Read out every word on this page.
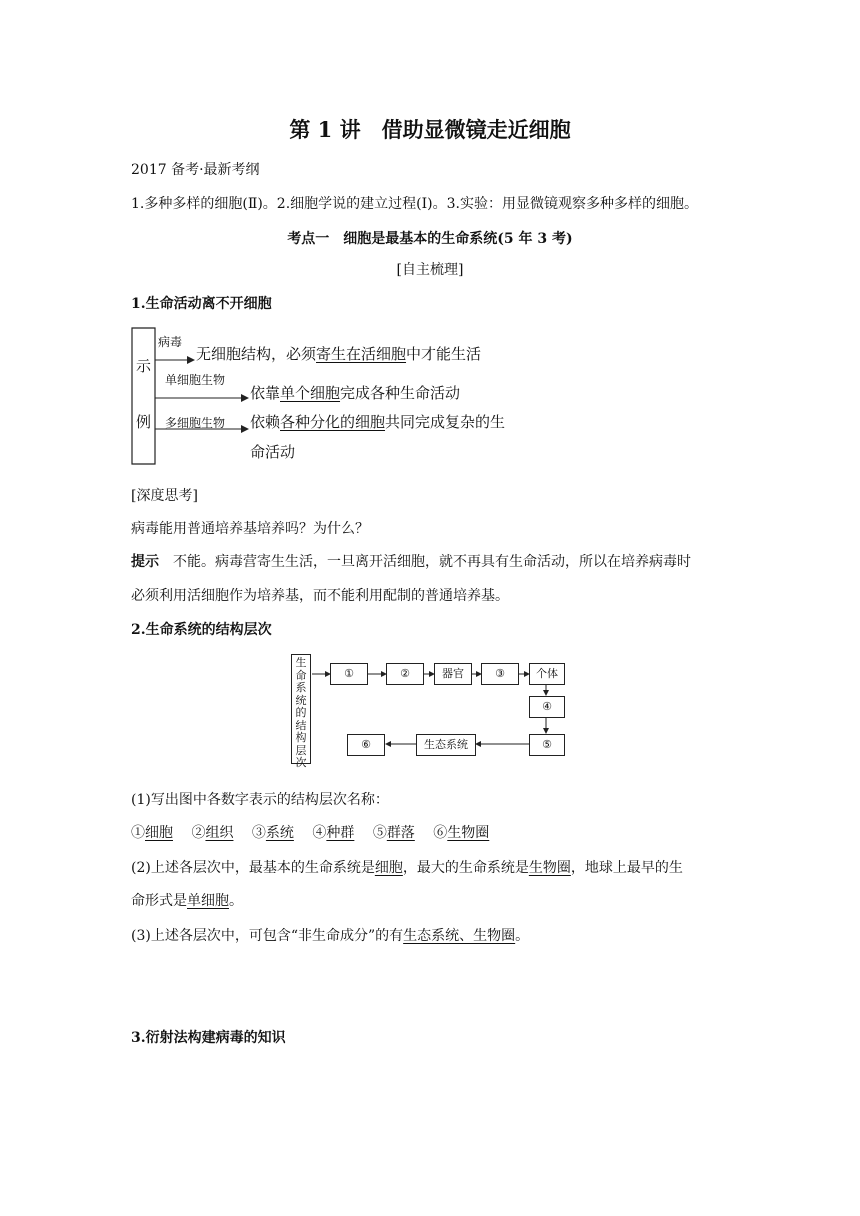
第 1 讲　借助显微镜走近细胞
2017 备考·最新考纲
1.多种多样的细胞(Ⅱ)。2.细胞学说的建立过程(Ⅰ)。3.实验：用显微镜观察多种多样的细胞。
考点一　细胞是最基本的生命系统(5 年 3 考)
[自主梳理]
1.生命活动离不开细胞
示
例
病毒
无细胞结构，必须寄生在活细胞中才能生活
单细胞生物
依靠单个细胞完成各种生命活动
多细胞生物 依赖各种分化的细胞共同完成复杂的生
命活动
[深度思考]
病毒能用普通培养基培养吗？为什么？
提示　不能。病毒营寄生生活，一旦离开活细胞，就不再具有生命活动，所以在培养病毒时
必须利用活细胞作为培养基，而不能利用配制的普通培养基。
2.生命系统的结构层次
生命系统的结构层次
①	②	器官	③	个体
④
⑤
生态系统
⑥
(1)写出图中各数字表示的结构层次名称：
①细胞　 ②组织　 ③系统　 ④种群　 ⑤群落　 ⑥生物圈
(2)上述各层次中，最基本的生命系统是细胞，最大的生命系统是生物圈，地球上最早的生
命形式是单细胞。
(3)上述各层次中，可包含“非生命成分”的有生态系统、生物圈。
3.衍射法构建病毒的知识
